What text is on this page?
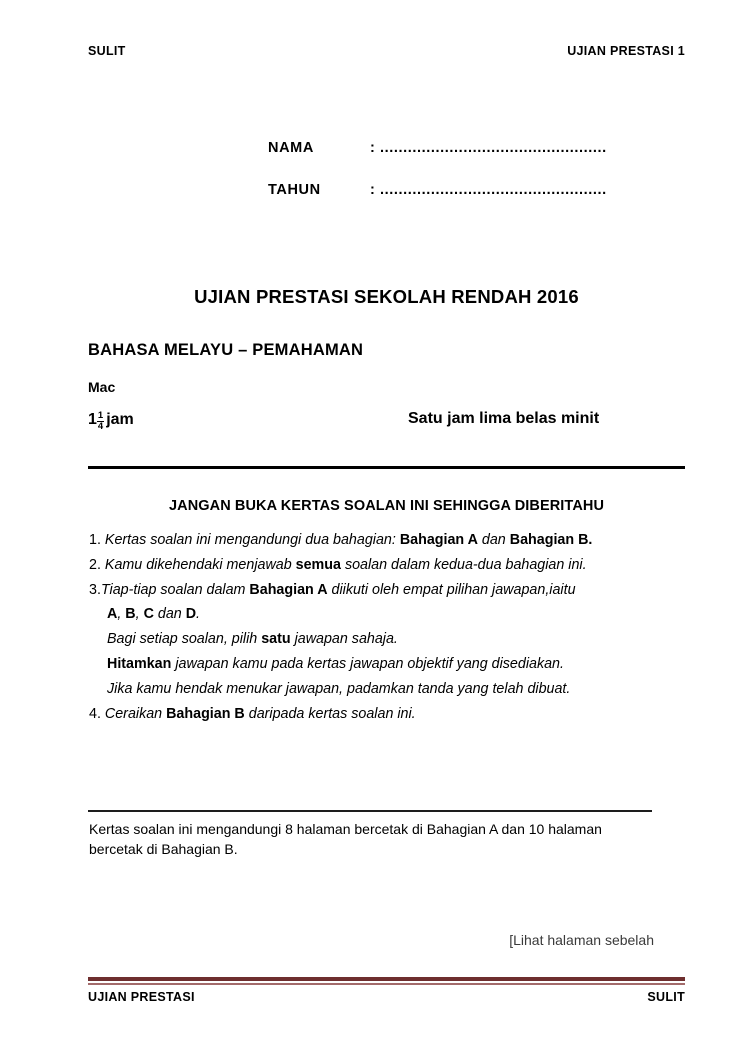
SULIT	UJIAN PRESTASI 1
NAMA	: .................................................
TAHUN	: .................................................
UJIAN PRESTASI SEKOLAH RENDAH 2016
BAHASA MELAYU – PEMAHAMAN
Mac
$1 \frac{1}{4}$ jam	Satu jam lima belas minit
JANGAN BUKA KERTAS SOALAN INI SEHINGGA DIBERITAHU
1. Kertas soalan ini mengandungi dua bahagian: Bahagian A dan Bahagian B.
2. Kamu dikehendaki menjawab semua soalan dalam kedua-dua bahagian ini.
3.Tiap-tiap soalan dalam Bahagian A diikuti oleh empat pilihan jawapan,iaitu
A, B, C dan D.
Bagi setiap soalan, pilih satu jawapan sahaja.
Hitamkan jawapan kamu pada kertas jawapan objektif yang disediakan.
Jika kamu hendak menukar jawapan, padamkan tanda yang telah dibuat.
4. Ceraikan Bahagian B daripada kertas soalan ini.
Kertas soalan ini mengandungi 8 halaman bercetak di Bahagian A dan 10 halaman bercetak di Bahagian B.
[Lihat halaman sebelah
UJIAN PRESTASI	SULIT
